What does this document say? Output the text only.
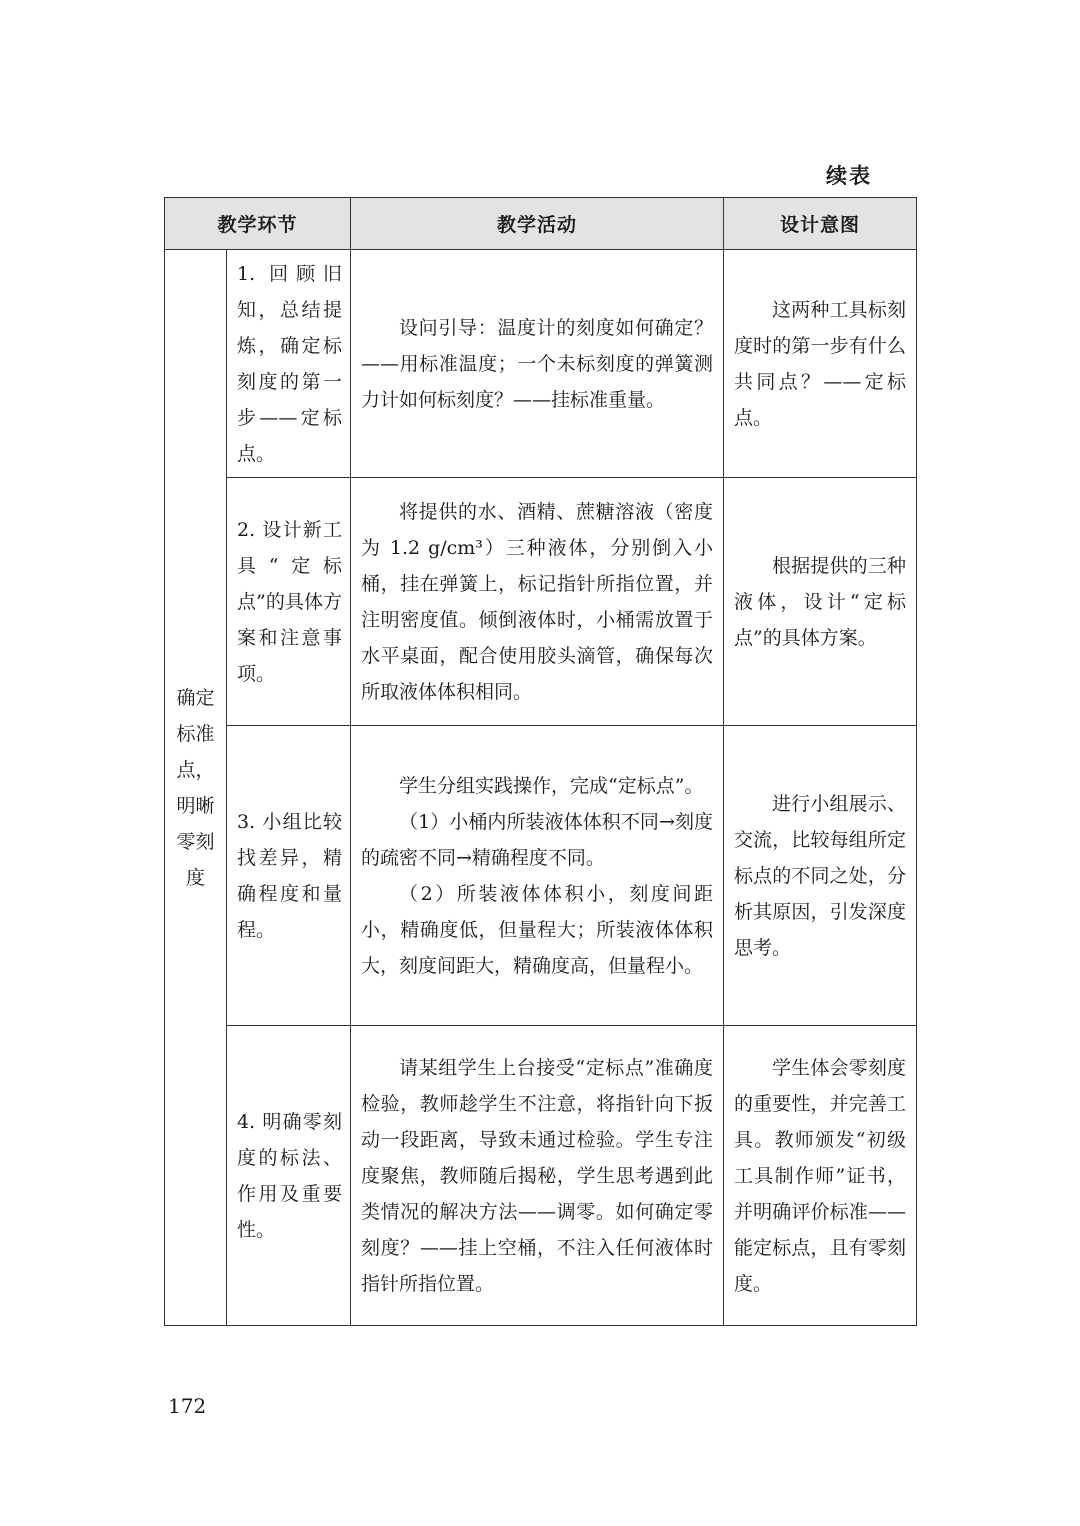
续表
教学环节		教学活动	设计意图

确定标准点，明晰零刻度	1. 回顾旧知，总结提炼，确定标刻度的第一步——定标点。	设问引导：温度计的刻度如何确定？——用标准温度；一个未标刻度的弹簧测力计如何标刻度？——挂标准重量。	这两种工具标刻度时的第一步有什么共同点？——定标点。

	2. 设计新工具“定标点”的具体方案和注意事项。	将提供的水、酒精、蔗糖溶液（密度为 1.2 g/cm³）三种液体，分别倒入小桶，挂在弹簧上，标记指针所指位置，并注明密度值。倾倒液体时，小桶需放置于水平桌面，配合使用胶头滴管，确保每次所取液体体积相同。	根据提供的三种液体，设计“定标点”的具体方案。

	3. 小组比较找差异，精确程度和量程。	学生分组实践操作，完成“定标点”。
（1）小桶内所装液体体积不同→刻度的疏密不同→精确程度不同。
（2）所装液体体积小，刻度间距小，精确度低，但量程大；所装液体体积大，刻度间距大，精确度高，但量程小。	进行小组展示、交流，比较每组所定标点的不同之处，分析其原因，引发深度思考。

	4. 明确零刻度的标法、作用及重要性。	请某组学生上台接受“定标点”准确度检验，教师趁学生不注意，将指针向下扳动一段距离，导致未通过检验。学生专注度聚焦，教师随后揭秘，学生思考遇到此类情况的解决方法——调零。如何确定零刻度？——挂上空桶，不注入任何液体时指针所指位置。	学生体会零刻度的重要性，并完善工具。教师颁发“初级工具制作师”证书，并明确评价标准——能定标点，且有零刻度。
172
